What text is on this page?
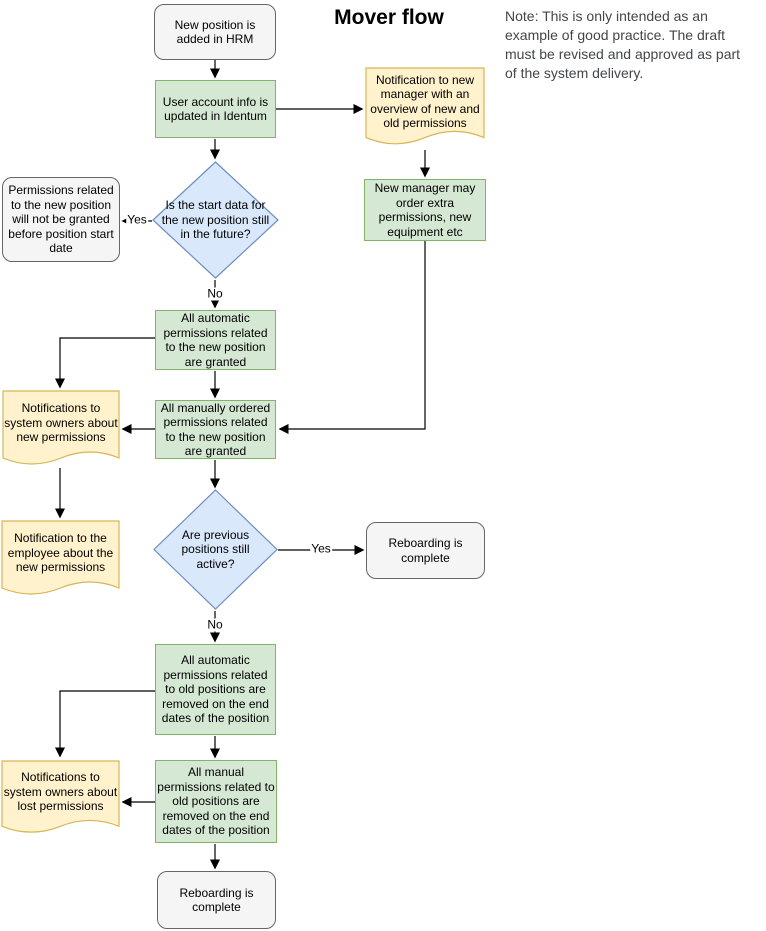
Mover flow	Note: This is only intended as an example of good practice. The draft must be revised and approved as part of the system delivery.
New position is added in HRM
Permissions related to the new position will not be granted before position start date
Reboarding is complete
Reboarding is complete
User account info is updated in Identum
New manager may order extra permissions, new equipment etc
All automatic permissions related to the new position are granted
All manually ordered permissions related to the new position are granted
All automatic permissions related to old positions are removed on the end dates of the position
All manual permissions related to old positions are removed on the end dates of the position
Is the start data for the new position still in the future?
Are previous positions still active?
Notification to new manager with an overview of new and old permissions
Notifications to system owners about new permissions
Notification to the employee about the new permissions
Notifications to system owners about lost permissions
Yes
No
Yes
No
